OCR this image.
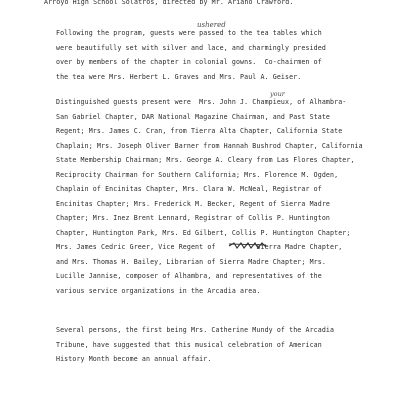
Arroyo High School Solatros, directed by Mr. Ariano Crawford.
Following the program, guests were passed to the tea tables which
were beautifully set with silver and lace, and charmingly presided
over by members of the chapter in colonial gowns.  Co-chairmen of
the tea were Mrs. Herbert L. Graves and Mrs. Paul A. Geiser.
ushered
your
Distinguished guests present were  Mrs. John J. Champieux, of Alhambra-
San Gabriel Chapter, DAR National Magazine Chairman, and Past State
Regent; Mrs. James C. Cran, from Tierra Alta Chapter, California State
Chaplain; Mrs. Joseph Oliver Barner from Hannah Bushrod Chapter, California
State Membership Chairman; Mrs. George A. Cleary from Las Flores Chapter,
Reciprocity Chairman for Southern California; Mrs. Florence M. Ogden,
Chaplain of Encinitas Chapter, Mrs. Clara W. McNeal, Registrar of
Encinitas Chapter; Mrs. Frederick M. Becker, Regent of Sierra Madre
Chapter; Mrs. Inez Brent Lennard, Registrar of Collis P. Huntington
Chapter, Huntington Park, Mrs. Ed Gilbert, Collis P. Huntington Chapter;
Mrs. James Cedric Greer, Vice Regent of          Sierra Madre Chapter,
and Mrs. Thomas H. Bailey, Librarian of Sierra Madre Chapter; Mrs.
Lucille Jannise, composer of Alhambra, and representatives of the
various service organizations in the Arcadia area.

Several persons, the first being Mrs. Catherine Mundy of the Arcadia
Tribune, have suggested that this musical celebration of American
History Month become an annual affair.
